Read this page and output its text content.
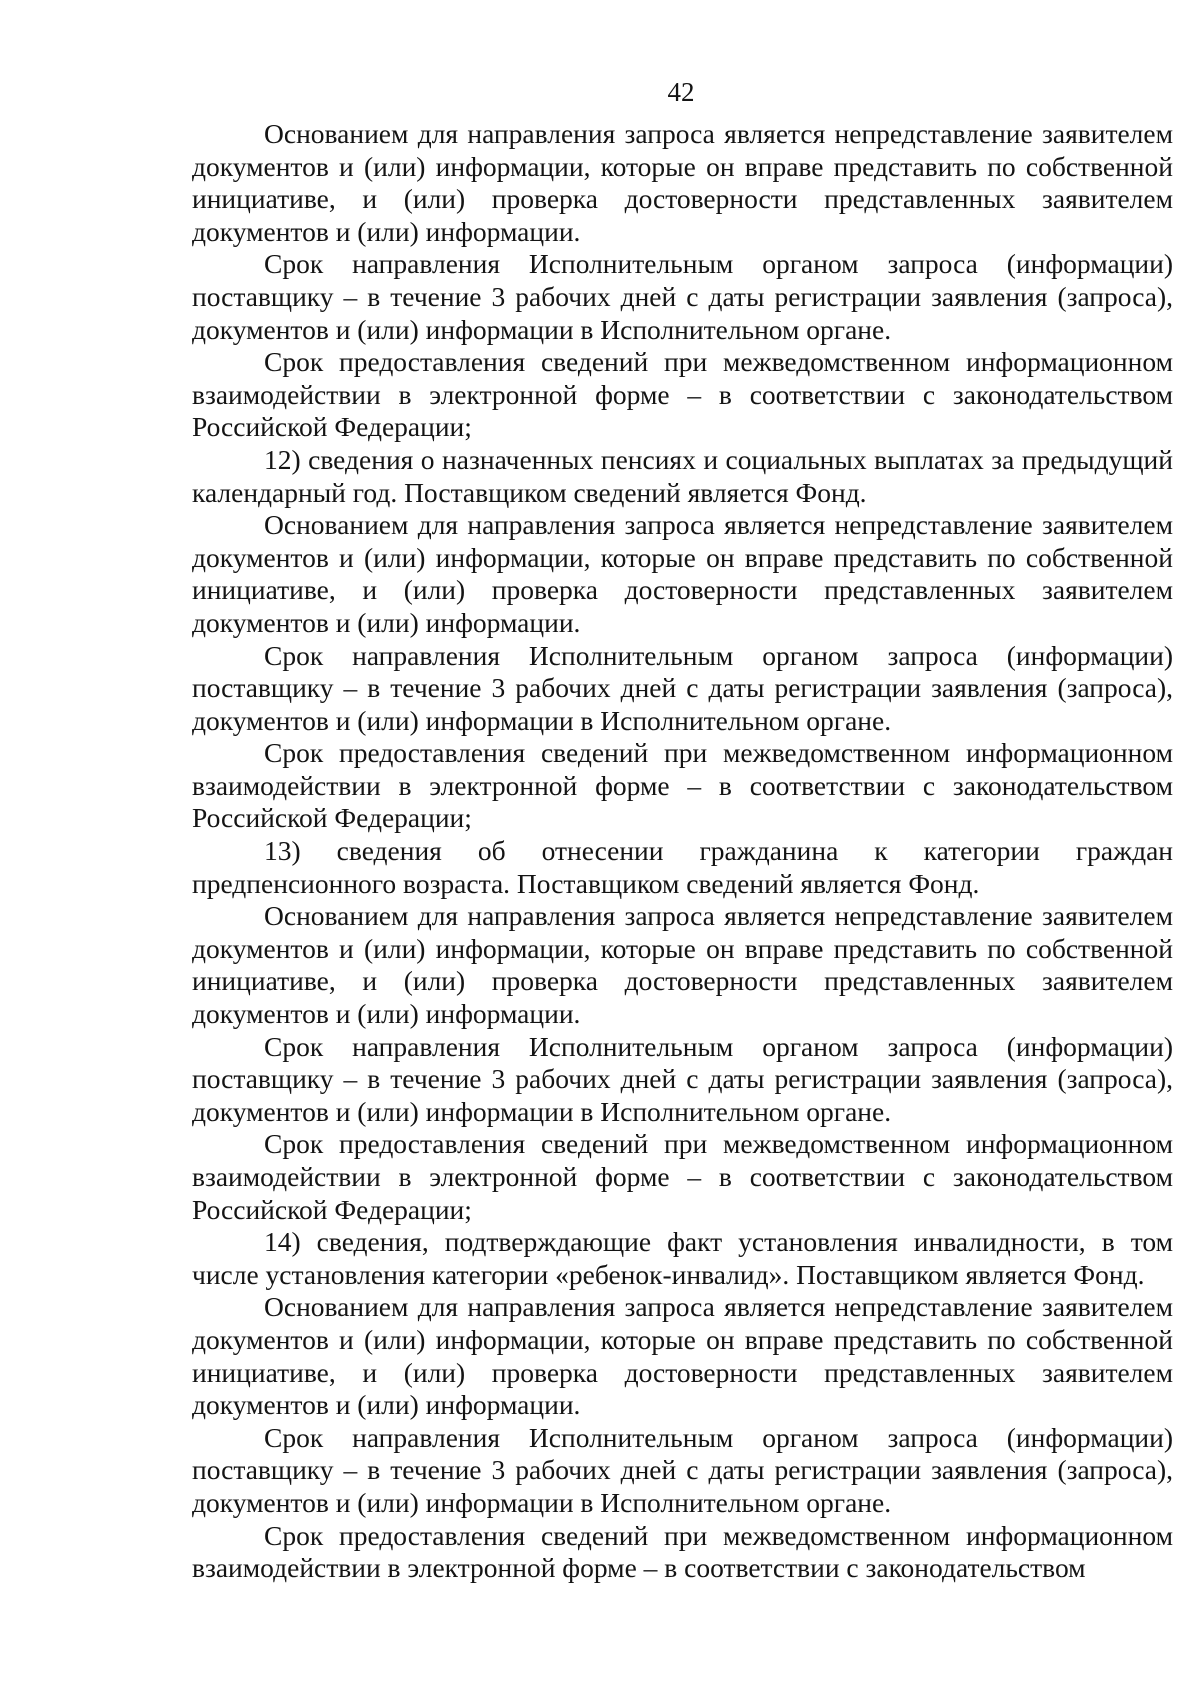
42

Основанием для направления запроса является непредставление заявителем документов и (или) информации, которые он вправе представить по собственной инициативе, и (или) проверка достоверности представленных заявителем документов и (или) информации.

Срок направления Исполнительным органом запроса (информации) поставщику – в течение 3 рабочих дней с даты регистрации заявления (запроса), документов и (или) информации в Исполнительном органе.

Срок предоставления сведений при межведомственном информационном взаимодействии в электронной форме – в соответствии с законодательством Российской Федерации;

12) сведения о назначенных пенсиях и социальных выплатах за предыдущий календарный год. Поставщиком сведений является Фонд.

Основанием для направления запроса является непредставление заявителем документов и (или) информации, которые он вправе представить по собственной инициативе, и (или) проверка достоверности представленных заявителем документов и (или) информации.

Срок направления Исполнительным органом запроса (информации) поставщику – в течение 3 рабочих дней с даты регистрации заявления (запроса), документов и (или) информации в Исполнительном органе.

Срок предоставления сведений при межведомственном информационном взаимодействии в электронной форме – в соответствии с законодательством Российской Федерации;

13) сведения об отнесении гражданина к категории граждан предпенсионного возраста. Поставщиком сведений является Фонд.

Основанием для направления запроса является непредставление заявителем документов и (или) информации, которые он вправе представить по собственной инициативе, и (или) проверка достоверности представленных заявителем документов и (или) информации.

Срок направления Исполнительным органом запроса (информации) поставщику – в течение 3 рабочих дней с даты регистрации заявления (запроса), документов и (или) информации в Исполнительном органе.

Срок предоставления сведений при межведомственном информационном взаимодействии в электронной форме – в соответствии с законодательством Российской Федерации;

14) сведения, подтверждающие факт установления инвалидности, в том числе установления категории «ребенок-инвалид». Поставщиком является Фонд.

Основанием для направления запроса является непредставление заявителем документов и (или) информации, которые он вправе представить по собственной инициативе, и (или) проверка достоверности представленных заявителем документов и (или) информации.

Срок направления Исполнительным органом запроса (информации) поставщику – в течение 3 рабочих дней с даты регистрации заявления (запроса), документов и (или) информации в Исполнительном органе.

Срок предоставления сведений при межведомственном информационном взаимодействии в электронной форме – в соответствии с законодательством
